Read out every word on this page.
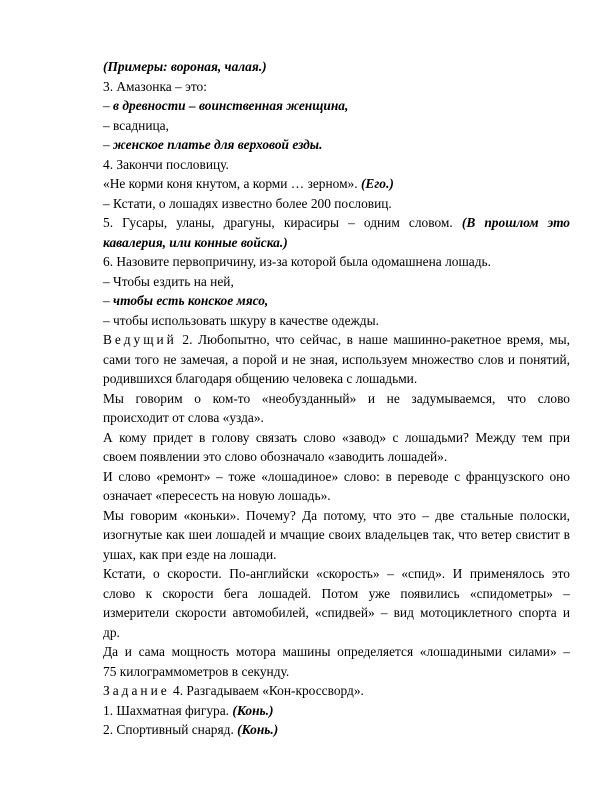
(Примеры: вороная, чалая.)
3. Амазонка – это:
– в древности – воинственная женщина,
– всадница,
– женское платье для верховой езды.
4. Закончи пословицу.
«Не корми коня кнутом, а корми … зерном». (Его.)
– Кстати, о лошадях известно более 200 пословиц.
5. Гусары, уланы, драгуны, кирасиры – одним словом. (В прошлом это
кавалерия, или конные войска.)
6. Назовите первопричину, из-за которой была одомашнена лошадь.
– Чтобы ездить на ней,
– чтобы есть конское мясо,
– чтобы использовать шкуру в качестве одежды.
Ведущий 2. Любопытно, что сейчас, в наше машинно-ракетное время, мы,
сами того не замечая, а порой и не зная, используем множество слов и понятий,
родившихся благодаря общению человека с лошадьми.
Мы говорим о ком-то «необузданный» и не задумываемся, что слово
происходит от слова «узда».
А кому придет в голову связать слово «завод» с лошадьми? Между тем при
своем появлении это слово обозначало «заводить лошадей».
И слово «ремонт» – тоже «лошадиное» слово: в переводе с французского оно
означает «пересесть на новую лошадь».
Мы говорим «коньки». Почему? Да потому, что это – две стальные полоски,
изогнутые как шеи лошадей и мчащие своих владельцев так, что ветер свистит в
ушах, как при езде на лошади.
Кстати, о скорости. По-английски «скорость» – «спид». И применялось это
слово к скорости бега лошадей. Потом уже появились «спидометры» –
измерители скорости автомобилей, «спидвей» – вид мотоциклетного спорта и
др.
Да и сама мощность мотора машины определяется «лошадиными силами» –
75 килограммометров в секунду.
Задание 4. Разгадываем «Кон-кроссворд».
1. Шахматная фигура. (Конь.)
2. Спортивный снаряд. (Конь.)
